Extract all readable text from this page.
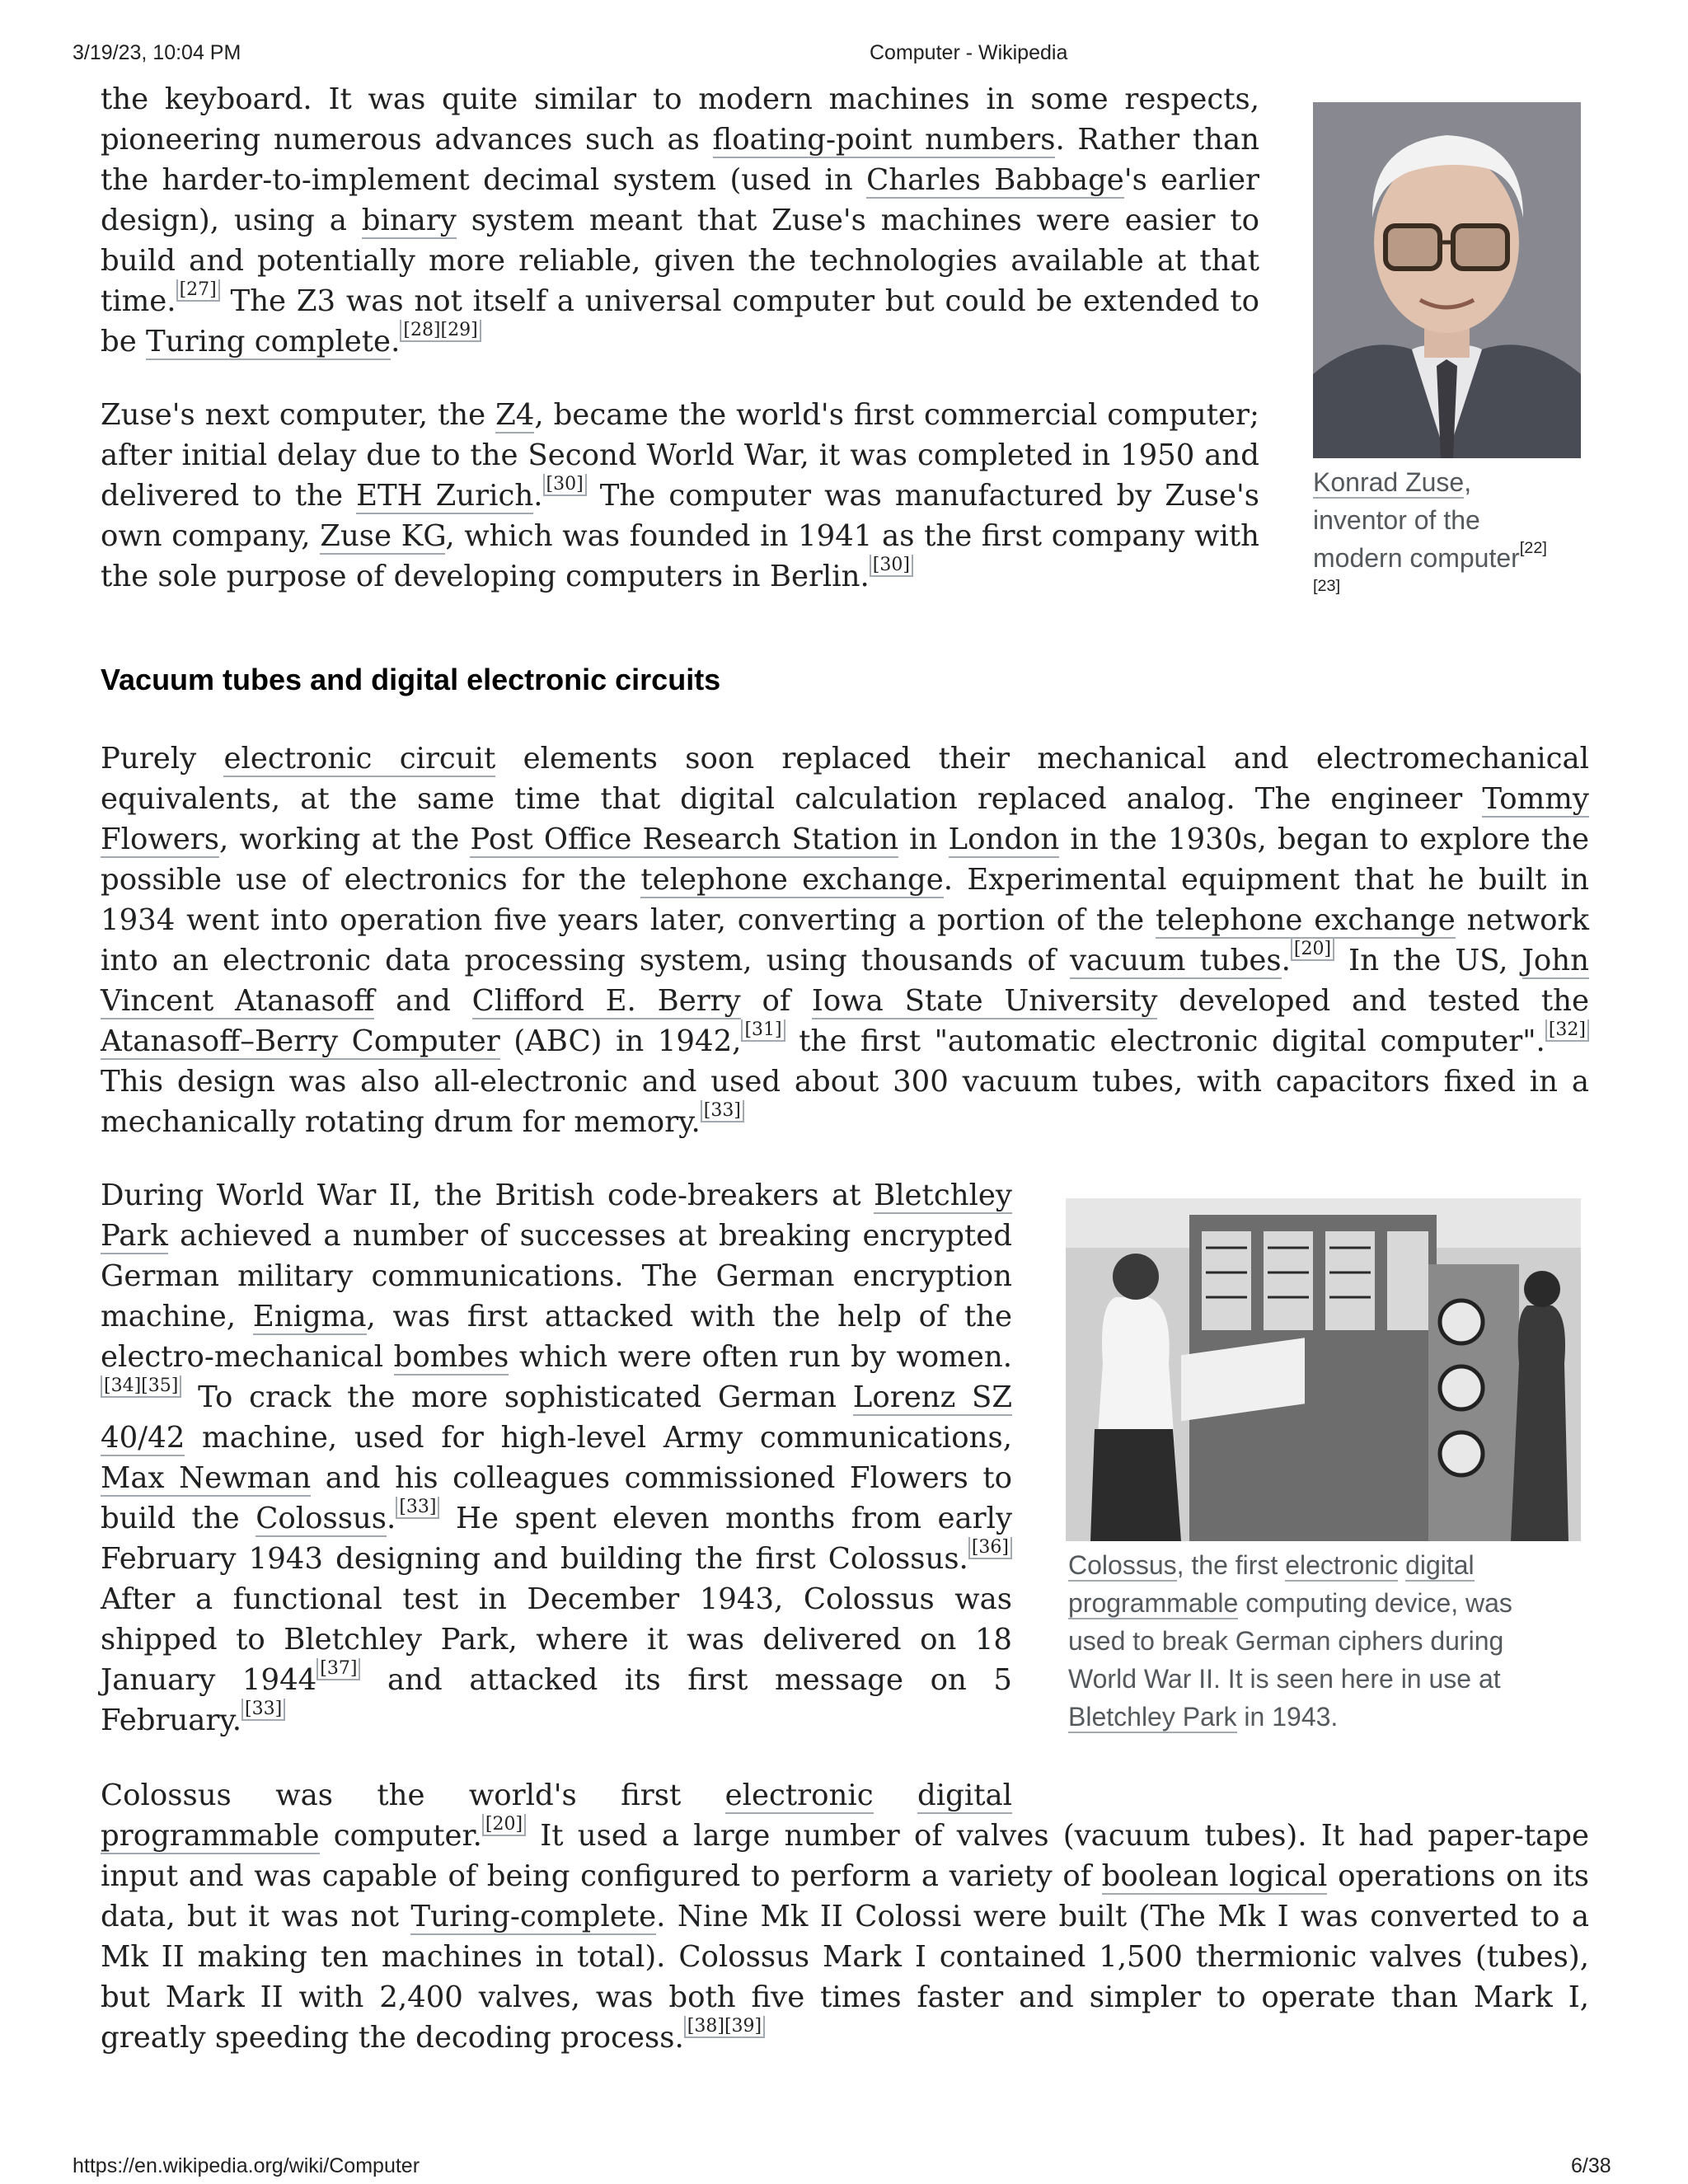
3/19/23, 10:04 PM	Computer - Wikipedia

the keyboard. It was quite similar to modern machines in some respects, pioneering numerous advances such as floating-point numbers. Rather than the harder-to-implement decimal system (used in Charles Babbage's earlier design), using a binary system meant that Zuse's machines were easier to build and potentially more reliable, given the technologies available at that time. [27] The Z3 was not itself a universal computer but could be extended to be Turing complete. [28][29]

Zuse's next computer, the Z4, became the world's first commercial computer; after initial delay due to the Second World War, it was completed in 1950 and delivered to the ETH Zurich. [30] The computer was manufactured by Zuse's own company, Zuse KG, which was founded in 1941 as the first company with the sole purpose of developing computers in Berlin. [30]

Konrad Zuse, inventor of the modern computer[22][23]
Vacuum tubes and digital electronic circuits

Purely electronic circuit elements soon replaced their mechanical and electromechanical equivalents, at the same time that digital calculation replaced analog. The engineer Tommy Flowers, working at the Post Office Research Station in London in the 1930s, began to explore the possible use of electronics for the telephone exchange. Experimental equipment that he built in 1934 went into operation five years later, converting a portion of the telephone exchange network into an electronic data processing system, using thousands of vacuum tubes. [20] In the US, John Vincent Atanasoff and Clifford E. Berry of Iowa State University developed and tested the Atanasoff–Berry Computer (ABC) in 1942, [31] the first "automatic electronic digital computer". [32] This design was also all-electronic and used about 300 vacuum tubes, with capacitors fixed in a mechanically rotating drum for memory. [33]

During World War II, the British code-breakers at Bletchley Park achieved a number of successes at breaking encrypted German military communications. The German encryption machine, Enigma, was first attacked with the help of the electro-mechanical bombes which were often run by women.[34][35] To crack the more sophisticated German Lorenz SZ 40/42 machine, used for high-level Army communications, Max Newman and his colleagues commissioned Flowers to build the Colossus. [33] He spent eleven months from early February 1943 designing and building the first Colossus. [36] After a functional test in December 1943, Colossus was shipped to Bletchley Park, where it was delivered on 18 January 1944 [37] and attacked its first message on 5 February. [33]

Colossus, the first electronic digital programmable computing device, was used to break German ciphers during World War II. It is seen here in use at Bletchley Park in 1943.

Colossus was the world's first electronic digital programmable computer. [20] It used a large number of valves (vacuum tubes). It had paper-tape input and was capable of being configured to perform a variety of boolean logical operations on its data, but it was not Turing-complete. Nine Mk II Colossi were built (The Mk I was converted to a Mk II making ten machines in total). Colossus Mark I contained 1,500 thermionic valves (tubes), but Mark II with 2,400 valves, was both five times faster and simpler to operate than Mark I, greatly speeding the decoding process. [38][39]

https://en.wikipedia.org/wiki/Computer	6/38
